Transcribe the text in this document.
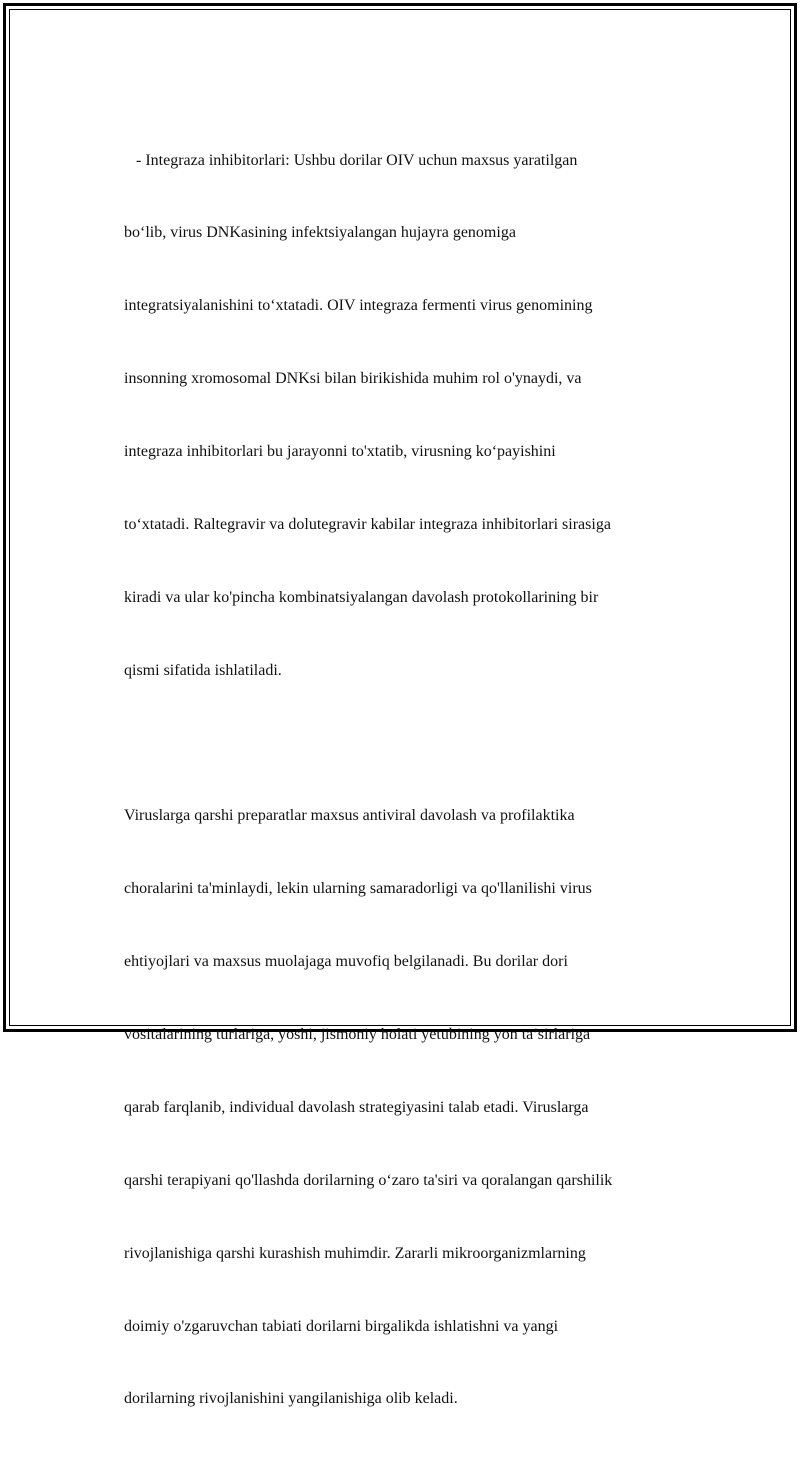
- Integraza inhibitorlari: Ushbu dorilar OIV uchun maxsus yaratilgan

bo‘lib, virus DNKasining infektsiyalangan hujayra genomiga

integratsiyalanishini to‘xtatadi. OIV integraza fermenti virus genomining

insonning xromosomal DNKsi bilan birikishida muhim rol o'ynaydi, va

integraza inhibitorlari bu jarayonni to'xtatib, virusning ko‘payishini

to‘xtatadi. Raltegravir va dolutegravir kabilar integraza inhibitorlari sirasiga

kiradi va ular ko'pincha kombinatsiyalangan davolash protokollarining bir

qismi sifatida ishlatiladi.

Viruslarga qarshi preparatlar maxsus antiviral davolash va profilaktika

choralarini ta'minlaydi, lekin ularning samaradorligi va qo'llanilishi virus

ehtiyojlari va maxsus muolajaga muvofiq belgilanadi. Bu dorilar dori

vositalarining turlariga, yoshi, jismoniy holati yetubining yon ta’sirlariga

qarab farqlanib, individual davolash strategiyasini talab etadi. Viruslarga

qarshi terapiyani qo'llashda dorilarning o‘zaro ta'siri va qoralangan qarshilik

rivojlanishiga qarshi kurashish muhimdir. Zararli mikroorganizmlarning

doimiy o'zgaruvchan tabiati dorilarni birgalikda ishlatishni va yangi

dorilarning rivojlanishini yangilanishiga olib keladi.
